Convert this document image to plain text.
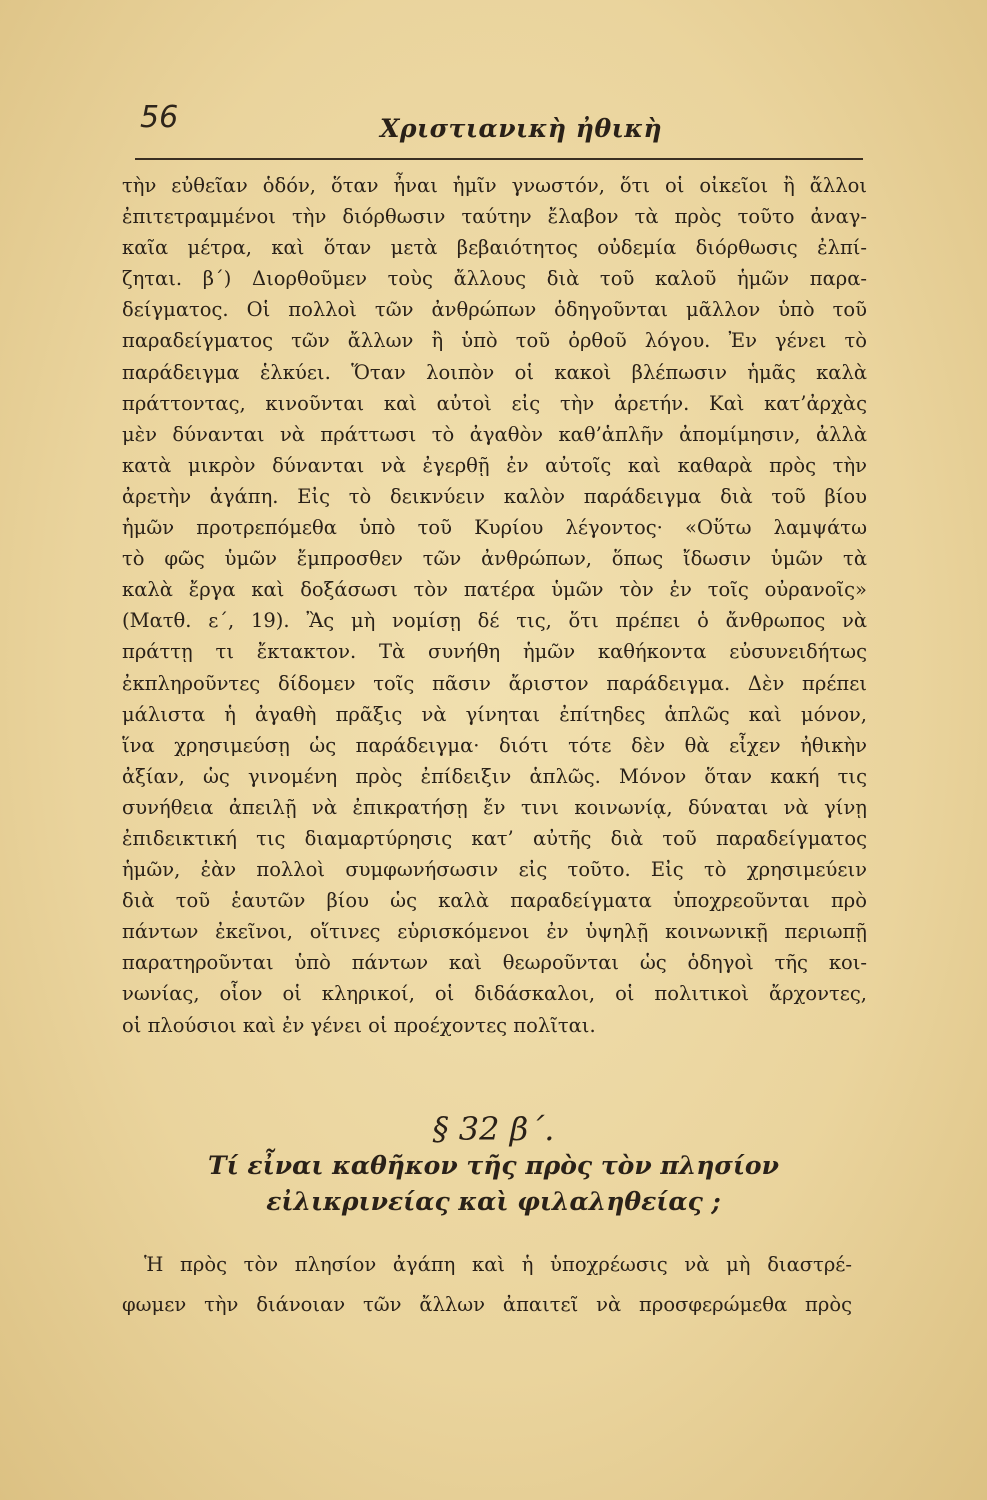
56	Χριστιανικὴ ἠθικὴ
τὴν εὐθεῖαν ὁδόν, ὅταν ἦναι ἡμῖν γνωστόν, ὅτι οἱ οἰκεῖοι ἢ ἄλλοι
ἐπιτετραμμένοι τὴν διόρθωσιν ταύτην ἔλαβον τὰ πρὸς τοῦτο ἀναγ-
καῖα μέτρα, καὶ ὅταν μετὰ βεβαιότητος οὐδεμία διόρθωσις ἐλπί-
ζηται. β΄) Διορθοῦμεν τοὺς ἄλλους διὰ τοῦ καλοῦ ἡμῶν παρα-
δείγματος. Οἱ πολλοὶ τῶν ἀνθρώπων ὁδηγοῦνται μᾶλλον ὑπὸ τοῦ
παραδείγματος τῶν ἄλλων ἢ ὑπὸ τοῦ ὀρθοῦ λόγου. Ἐν γένει τὸ
παράδειγμα ἑλκύει. Ὅταν λοιπὸν οἱ κακοὶ βλέπωσιν ἡμᾶς καλὰ
πράττοντας, κινοῦνται καὶ αὐτοὶ εἰς τὴν ἀρετήν. Καὶ κατ’ἀρχὰς
μὲν δύνανται νὰ πράττωσι τὸ ἀγαθὸν καθ’ἁπλῆν ἀπομίμησιν, ἀλλὰ
κατὰ μικρὸν δύνανται νὰ ἐγερθῇ ἐν αὐτοῖς καὶ καθαρὰ πρὸς τὴν
ἀρετὴν ἀγάπη. Εἰς τὸ δεικνύειν καλὸν παράδειγμα διὰ τοῦ βίου
ἡμῶν προτρεπόμεθα ὑπὸ τοῦ Κυρίου λέγοντος· «Οὕτω λαμψάτω
τὸ φῶς ὑμῶν ἔμπροσθεν τῶν ἀνθρώπων, ὅπως ἴδωσιν ὑμῶν τὰ
καλὰ ἔργα καὶ δοξάσωσι τὸν πατέρα ὑμῶν τὸν ἐν τοῖς οὐρανοῖς»
(Ματθ. ε΄, 19). Ἂς μὴ νομίσῃ δέ τις, ὅτι πρέπει ὁ ἄνθρωπος νὰ
πράττῃ τι ἔκτακτον. Τὰ συνήθη ἡμῶν καθήκοντα εὐσυνειδήτως
ἐκπληροῦντες δίδομεν τοῖς πᾶσιν ἄριστον παράδειγμα. Δὲν πρέπει
μάλιστα ἡ ἀγαθὴ πρᾶξις νὰ γίνηται ἐπίτηδες ἁπλῶς καὶ μόνον,
ἵνα χρησιμεύσῃ ὡς παράδειγμα· διότι τότε δὲν θὰ εἶχεν ἠθικὴν
ἀξίαν, ὡς γινομένη πρὸς ἐπίδειξιν ἁπλῶς. Μόνον ὅταν κακή τις
συνήθεια ἀπειλῇ νὰ ἐπικρατήσῃ ἔν τινι κοινωνίᾳ, δύναται νὰ γίνῃ
ἐπιδεικτική τις διαμαρτύρησις κατ’ αὐτῆς διὰ τοῦ παραδείγματος
ἡμῶν, ἐὰν πολλοὶ συμφωνήσωσιν εἰς τοῦτο. Εἰς τὸ χρησιμεύειν
διὰ τοῦ ἑαυτῶν βίου ὡς καλὰ παραδείγματα ὑποχρεοῦνται πρὸ
πάντων ἐκεῖνοι, οἵτινες εὑρισκόμενοι ἐν ὑψηλῇ κοινωνικῇ περιωπῇ
παρατηροῦνται ὑπὸ πάντων καὶ θεωροῦνται ὡς ὁδηγοὶ τῆς κοι-
νωνίας, οἷον οἱ κληρικοί, οἱ διδάσκαλοι, οἱ πολιτικοὶ ἄρχοντες,
οἱ πλούσιοι καὶ ἐν γένει οἱ προέχοντες πολῖται.
§ 32 β΄.
Τί εἶναι καθῆκον τῆς πρὸς τὸν πλησίον
εἰλικρινείας καὶ φιλαληθείας ;
Ἡ πρὸς τὸν πλησίον ἀγάπη καὶ ἡ ὑποχρέωσις νὰ μὴ διαστρέ-
φωμεν τὴν διάνοιαν τῶν ἄλλων ἀπαιτεῖ νὰ προσφερώμεθα πρὸς
